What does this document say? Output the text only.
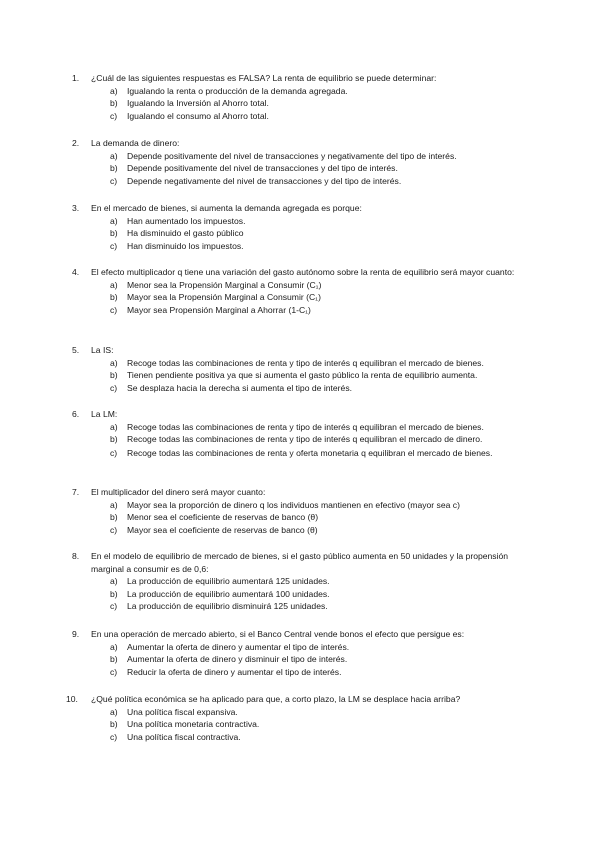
1. ¿Cuál de las siguientes respuestas es FALSA? La renta de equilibrio se puede determinar:
a) Igualando la renta o producción de la demanda agregada.
b) Igualando la Inversión al Ahorro total.
c) Igualando el consumo al Ahorro total.
2. La demanda de dinero:
a) Depende positivamente del nivel de transacciones y negativamente del tipo de interés.
b) Depende positivamente del nivel de transacciones y del tipo de interés.
c) Depende negativamente del nivel de transacciones y del tipo de interés.
3. En el mercado de bienes, si aumenta la demanda agregada es porque:
a) Han aumentado los impuestos.
b) Ha disminuido el gasto público
c) Han disminuido los impuestos.
4. El efecto multiplicador q tiene una variación del gasto autónomo sobre la renta de equilibrio será mayor cuanto:
a) Menor sea la Propensión Marginal a Consumir (C₁)
b) Mayor sea la Propensión Marginal a Consumir (C₁)
c) Mayor sea Propensión Marginal a Ahorrar (1-C₁)
5. La IS:
a) Recoge todas las combinaciones de renta y tipo de interés q equilibran el mercado de bienes.
b) Tienen pendiente positiva ya que si aumenta el gasto público la renta de equilibrio aumenta.
c) Se desplaza hacia la derecha si aumenta el tipo de interés.
6. La LM:
a) Recoge todas las combinaciones de renta y tipo de interés q equilibran el mercado de bienes.
b) Recoge todas las combinaciones de renta y tipo de interés q equilibran el mercado de dinero.
c) Recoge todas las combinaciones de renta y oferta monetaria q equilibran el mercado de bienes.
7. El multiplicador del dinero será mayor cuanto:
a) Mayor sea la proporción de dinero q los individuos mantienen en efectivo (mayor sea c)
b) Menor sea el coeficiente de reservas de banco (θ)
c) Mayor sea el coeficiente de reservas de banco (θ)
8. En el modelo de equilibrio de mercado de bienes, si el gasto público aumenta en 50 unidades y la propensión marginal a consumir es de 0,6:
a) La producción de equilibrio aumentará 125 unidades.
b) La producción de equilibrio aumentará 100 unidades.
c) La producción de equilibrio disminuirá 125 unidades.
9. En una operación de mercado abierto, si el Banco Central vende bonos el efecto que persigue es:
a) Aumentar la oferta de dinero y aumentar el tipo de interés.
b) Aumentar la oferta de dinero y disminuir el tipo de interés.
c) Reducir la oferta de dinero y aumentar el tipo de interés.
10. ¿Qué política económica se ha aplicado para que, a corto plazo, la LM se desplace hacia arriba?
a) Una política fiscal expansiva.
b) Una política monetaria contractiva.
c) Una política fiscal contractiva.
